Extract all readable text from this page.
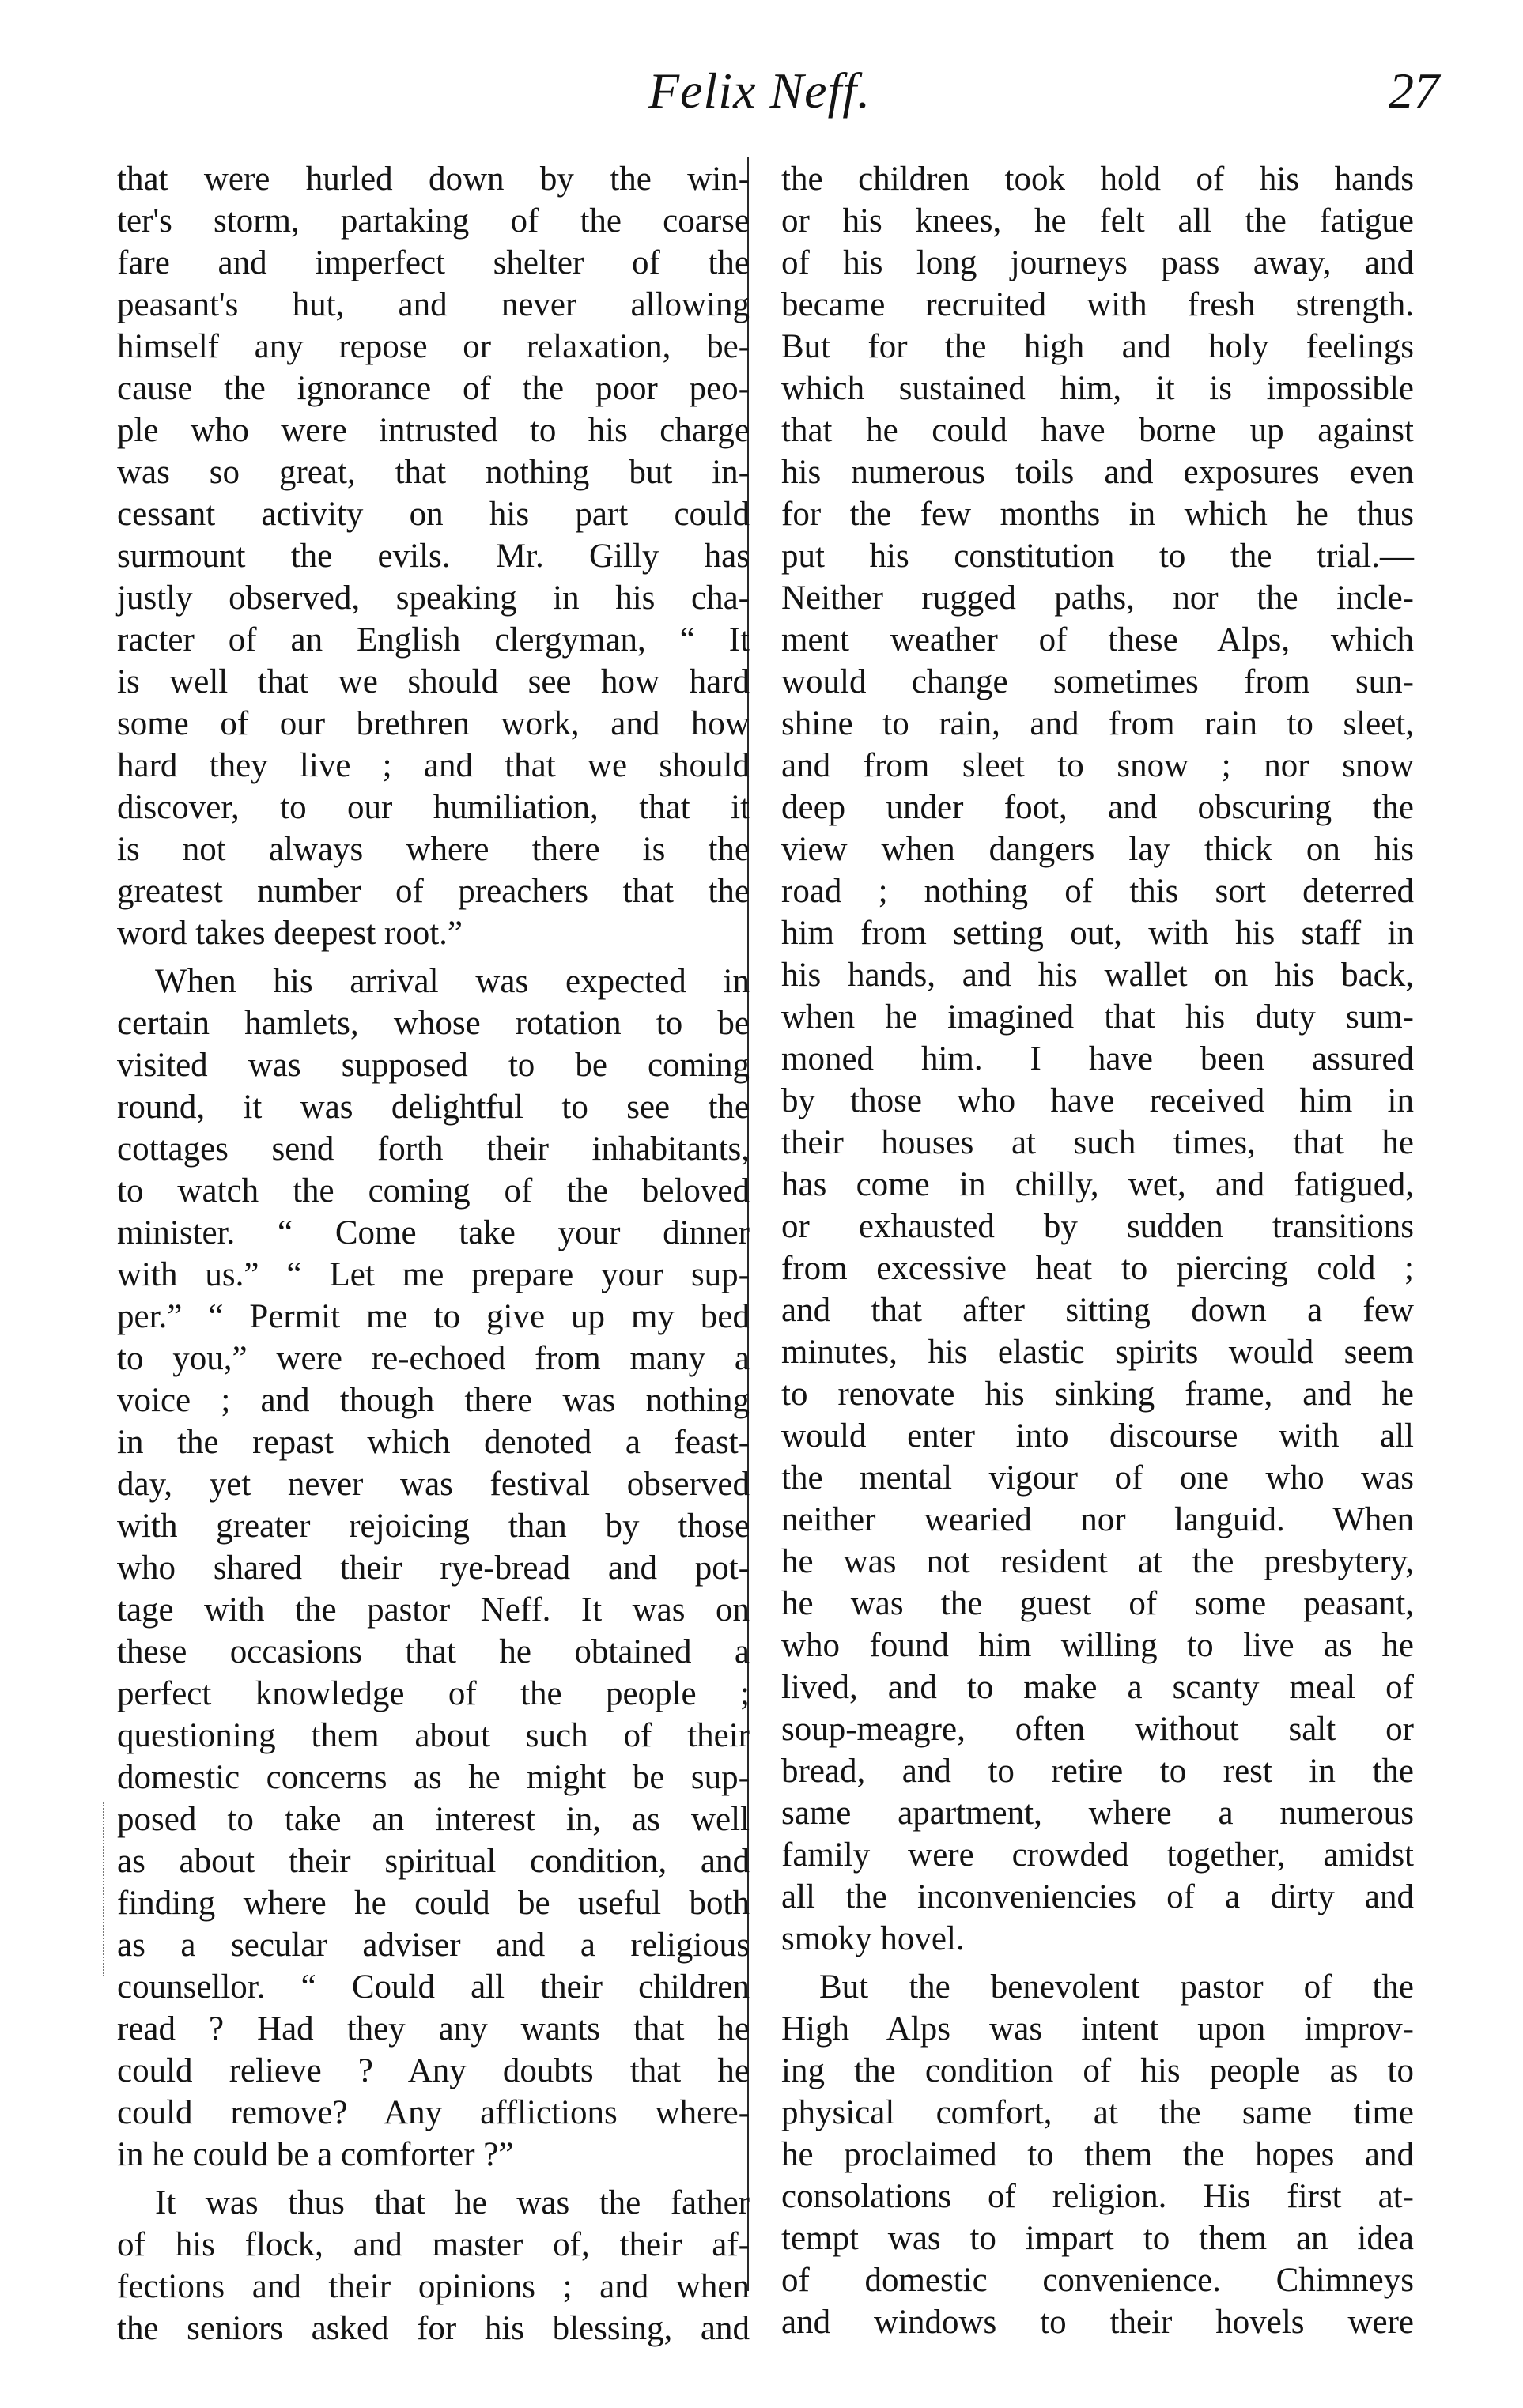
Felix Neff.	27
that were hurled down by the win-
ter's storm, partaking of the coarse
fare and imperfect shelter of the
peasant's hut, and never allowing
himself any repose or relaxation, be-
cause the ignorance of the poor peo-
ple who were intrusted to his charge
was so great, that nothing but in-
cessant activity on his part could
surmount the evils. Mr. Gilly has
justly observed, speaking in his cha-
racter of an English clergyman, “ It
is well that we should see how hard
some of our brethren work, and how
hard they live ; and that we should
discover, to our humiliation, that it
is not always where there is the
greatest number of preachers that the
word takes deepest root.”
When his arrival was expected in
certain hamlets, whose rotation to be
visited was supposed to be coming
round, it was delightful to see the
cottages send forth their inhabitants,
to watch the coming of the beloved
minister. “ Come take your dinner
with us.” “ Let me prepare your sup-
per.” “ Permit me to give up my bed
to you,” were re-echoed from many a
voice ; and though there was nothing
in the repast which denoted a feast-
day, yet never was festival observed
with greater rejoicing than by those
who shared their rye-bread and pot-
tage with the pastor Neff. It was on
these occasions that he obtained a
perfect knowledge of the people ;
questioning them about such of their
domestic concerns as he might be sup-
posed to take an interest in, as well
as about their spiritual condition, and
finding where he could be useful both
as a secular adviser and a religious
counsellor. “ Could all their children
read ? Had they any wants that he
could relieve ? Any doubts that he
could remove? Any afflictions where-
in he could be a comforter ?”
It was thus that he was the father
of his flock, and master of, their af-
fections and their opinions ; and when
the seniors asked for his blessing, and
the children took hold of his hands
or his knees, he felt all the fatigue
of his long journeys pass away, and
became recruited with fresh strength.
But for the high and holy feelings
which sustained him, it is impossible
that he could have borne up against
his numerous toils and exposures even
for the few months in which he thus
put his constitution to the trial.—
Neither rugged paths, nor the incle-
ment weather of these Alps, which
would change sometimes from sun-
shine to rain, and from rain to sleet,
and from sleet to snow ; nor snow
deep under foot, and obscuring the
view when dangers lay thick on his
road ; nothing of this sort deterred
him from setting out, with his staff in
his hands, and his wallet on his back,
when he imagined that his duty sum-
moned him. I have been assured
by those who have received him in
their houses at such times, that he
has come in chilly, wet, and fatigued,
or exhausted by sudden transitions
from excessive heat to piercing cold ;
and that after sitting down a few
minutes, his elastic spirits would seem
to renovate his sinking frame, and he
would enter into discourse with all
the mental vigour of one who was
neither wearied nor languid. When
he was not resident at the presbytery,
he was the guest of some peasant,
who found him willing to live as he
lived, and to make a scanty meal of
soup-meagre, often without salt or
bread, and to retire to rest in the
same apartment, where a numerous
family were crowded together, amidst
all the inconveniencies of a dirty and
smoky hovel.
But the benevolent pastor of the
High Alps was intent upon improv-
ing the condition of his people as to
physical comfort, at the same time
he proclaimed to them the hopes and
consolations of religion. His first at-
tempt was to impart to them an idea
of domestic convenience. Chimneys
and windows to their hovels were
